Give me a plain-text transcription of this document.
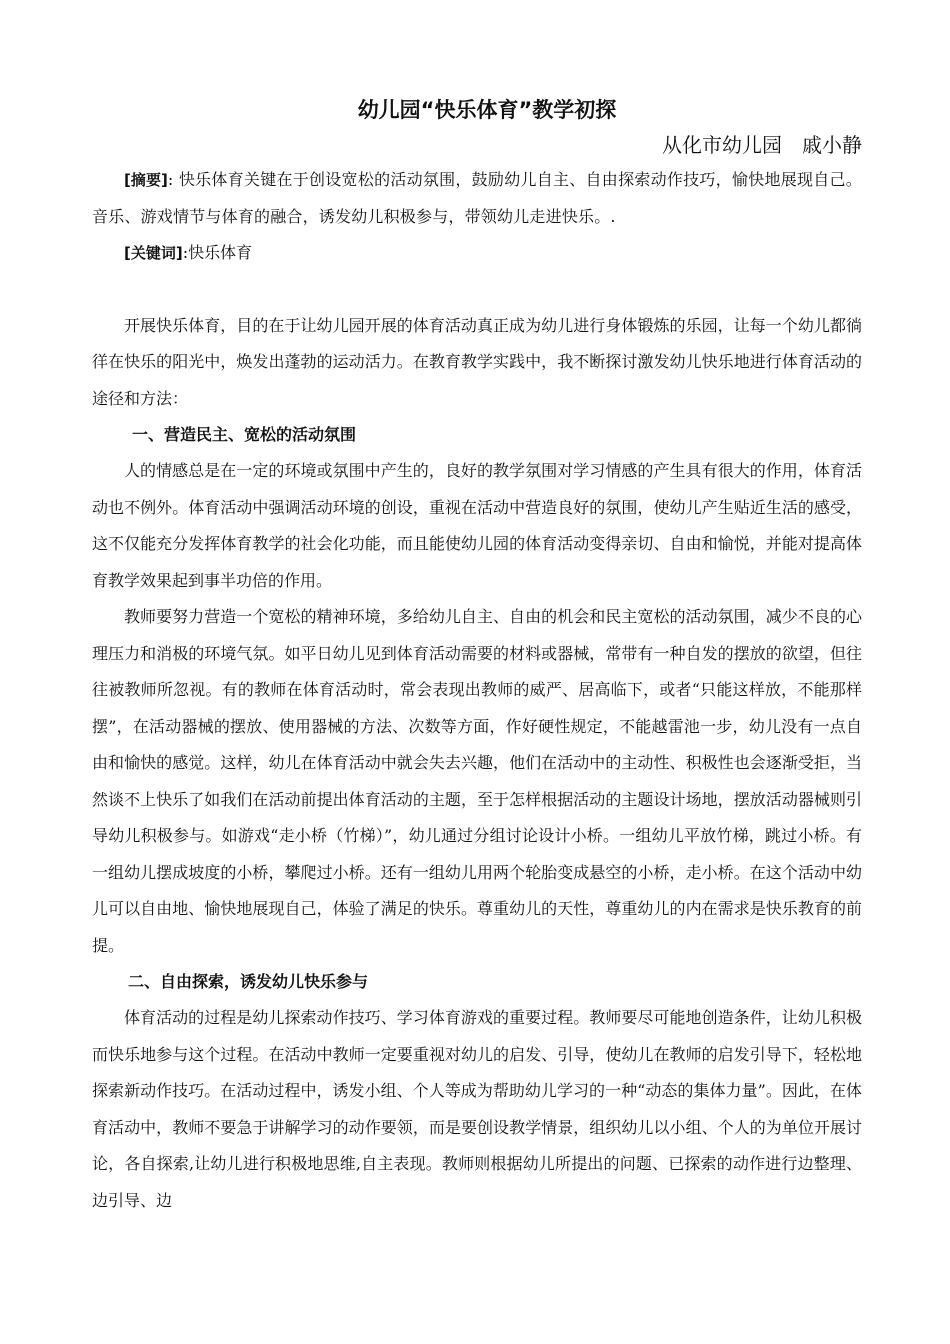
幼儿园“快乐体育”教学初探

从化市幼儿园　戚小静

[摘要]: 快乐体育关键在于创设宽松的活动氛围，鼓励幼儿自主、自由探索动作技巧，愉快地展现自己。音乐、游戏情节与体育的融合，诱发幼儿积极参与，带领幼儿走进快乐。.

[关键词]:快乐体育

开展快乐体育，目的在于让幼儿园开展的体育活动真正成为幼儿进行身体锻炼的乐园，让每一个幼儿都徜徉在快乐的阳光中，焕发出蓬勃的运动活力。在教育教学实践中，我不断探讨激发幼儿快乐地进行体育活动的途径和方法：

一、营造民主、宽松的活动氛围

人的情感总是在一定的环境或氛围中产生的，良好的教学氛围对学习情感的产生具有很大的作用，体育活动也不例外。体育活动中强调活动环境的创设，重视在活动中营造良好的氛围，使幼儿产生贴近生活的感受，这不仅能充分发挥体育教学的社会化功能，而且能使幼儿园的体育活动变得亲切、自由和愉悦，并能对提高体育教学效果起到事半功倍的作用。

教师要努力营造一个宽松的精神环境，多给幼儿自主、自由的机会和民主宽松的活动氛围，减少不良的心理压力和消极的环境气氛。如平日幼儿见到体育活动需要的材料或器械，常带有一种自发的摆放的欲望，但往往被教师所忽视。有的教师在体育活动时，常会表现出教师的威严、居高临下，或者“只能这样放，不能那样摆”，在活动器械的摆放、使用器械的方法、次数等方面，作好硬性规定，不能越雷池一步，幼儿没有一点自由和愉快的感觉。这样，幼儿在体育活动中就会失去兴趣，他们在活动中的主动性、积极性也会逐渐受拒，当然谈不上快乐了如我们在活动前提出体育活动的主题，至于怎样根据活动的主题设计场地，摆放活动器械则引导幼儿积极参与。如游戏“走小桥（竹梯）”，幼儿通过分组讨论设计小桥。一组幼儿平放竹梯，跳过小桥。有一组幼儿摆成坡度的小桥，攀爬过小桥。还有一组幼儿用两个轮胎变成悬空的小桥，走小桥。在这个活动中幼儿可以自由地、愉快地展现自己，体验了满足的快乐。尊重幼儿的天性，尊重幼儿的内在需求是快乐教育的前提。

二、自由探索，诱发幼儿快乐参与

体育活动的过程是幼儿探索动作技巧、学习体育游戏的重要过程。教师要尽可能地创造条件，让幼儿积极而快乐地参与这个过程。在活动中教师一定要重视对幼儿的启发、引导，使幼儿在教师的启发引导下，轻松地探索新动作技巧。在活动过程中，诱发小组、个人等成为帮助幼儿学习的一种“动态的集体力量”。因此，在体育活动中，教师不要急于讲解学习的动作要领，而是要创设教学情景，组织幼儿以小组、个人的为单位开展讨论，各自探索,让幼儿进行积极地思维,自主表现。教师则根据幼儿所提出的问题、已探索的动作进行边整理、边引导、边
